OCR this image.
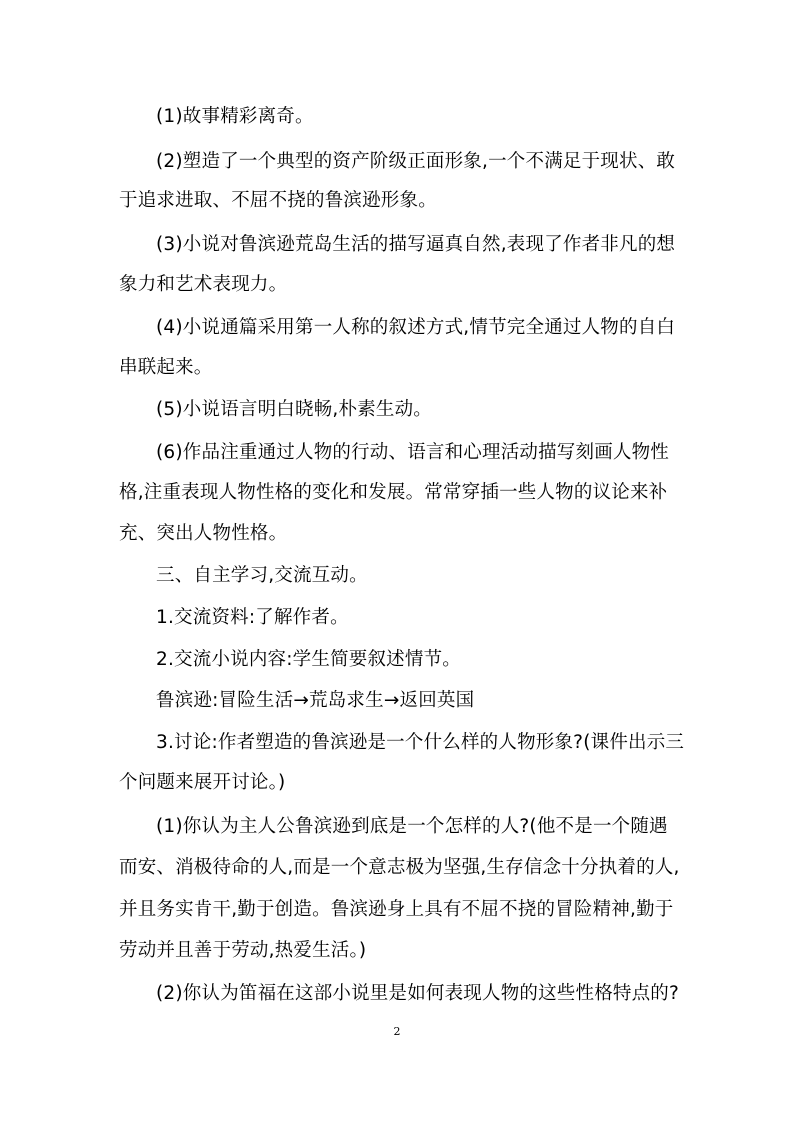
(1)故事精彩离奇。
(2)塑造了一个典型的资产阶级正面形象,一个不满足于现状、敢
于追求进取、不屈不挠的鲁滨逊形象。
(3)小说对鲁滨逊荒岛生活的描写逼真自然,表现了作者非凡的想
象力和艺术表现力。
(4)小说通篇采用第一人称的叙述方式,情节完全通过人物的自白
串联起来。
(5)小说语言明白晓畅,朴素生动。
(6)作品注重通过人物的行动、语言和心理活动描写刻画人物性
格,注重表现人物性格的变化和发展。常常穿插一些人物的议论来补
充、突出人物性格。
三、自主学习,交流互动。
1.交流资料:了解作者。
2.交流小说内容:学生简要叙述情节。
鲁滨逊:冒险生活→荒岛求生→返回英国
3.讨论:作者塑造的鲁滨逊是一个什么样的人物形象?(课件出示三
个问题来展开讨论。)
(1)你认为主人公鲁滨逊到底是一个怎样的人?(他不是一个随遇
而安、消极待命的人,而是一个意志极为坚强,生存信念十分执着的人,
并且务实肯干,勤于创造。鲁滨逊身上具有不屈不挠的冒险精神,勤于
劳动并且善于劳动,热爱生活。)
(2)你认为笛福在这部小说里是如何表现人物的这些性格特点的?
2
